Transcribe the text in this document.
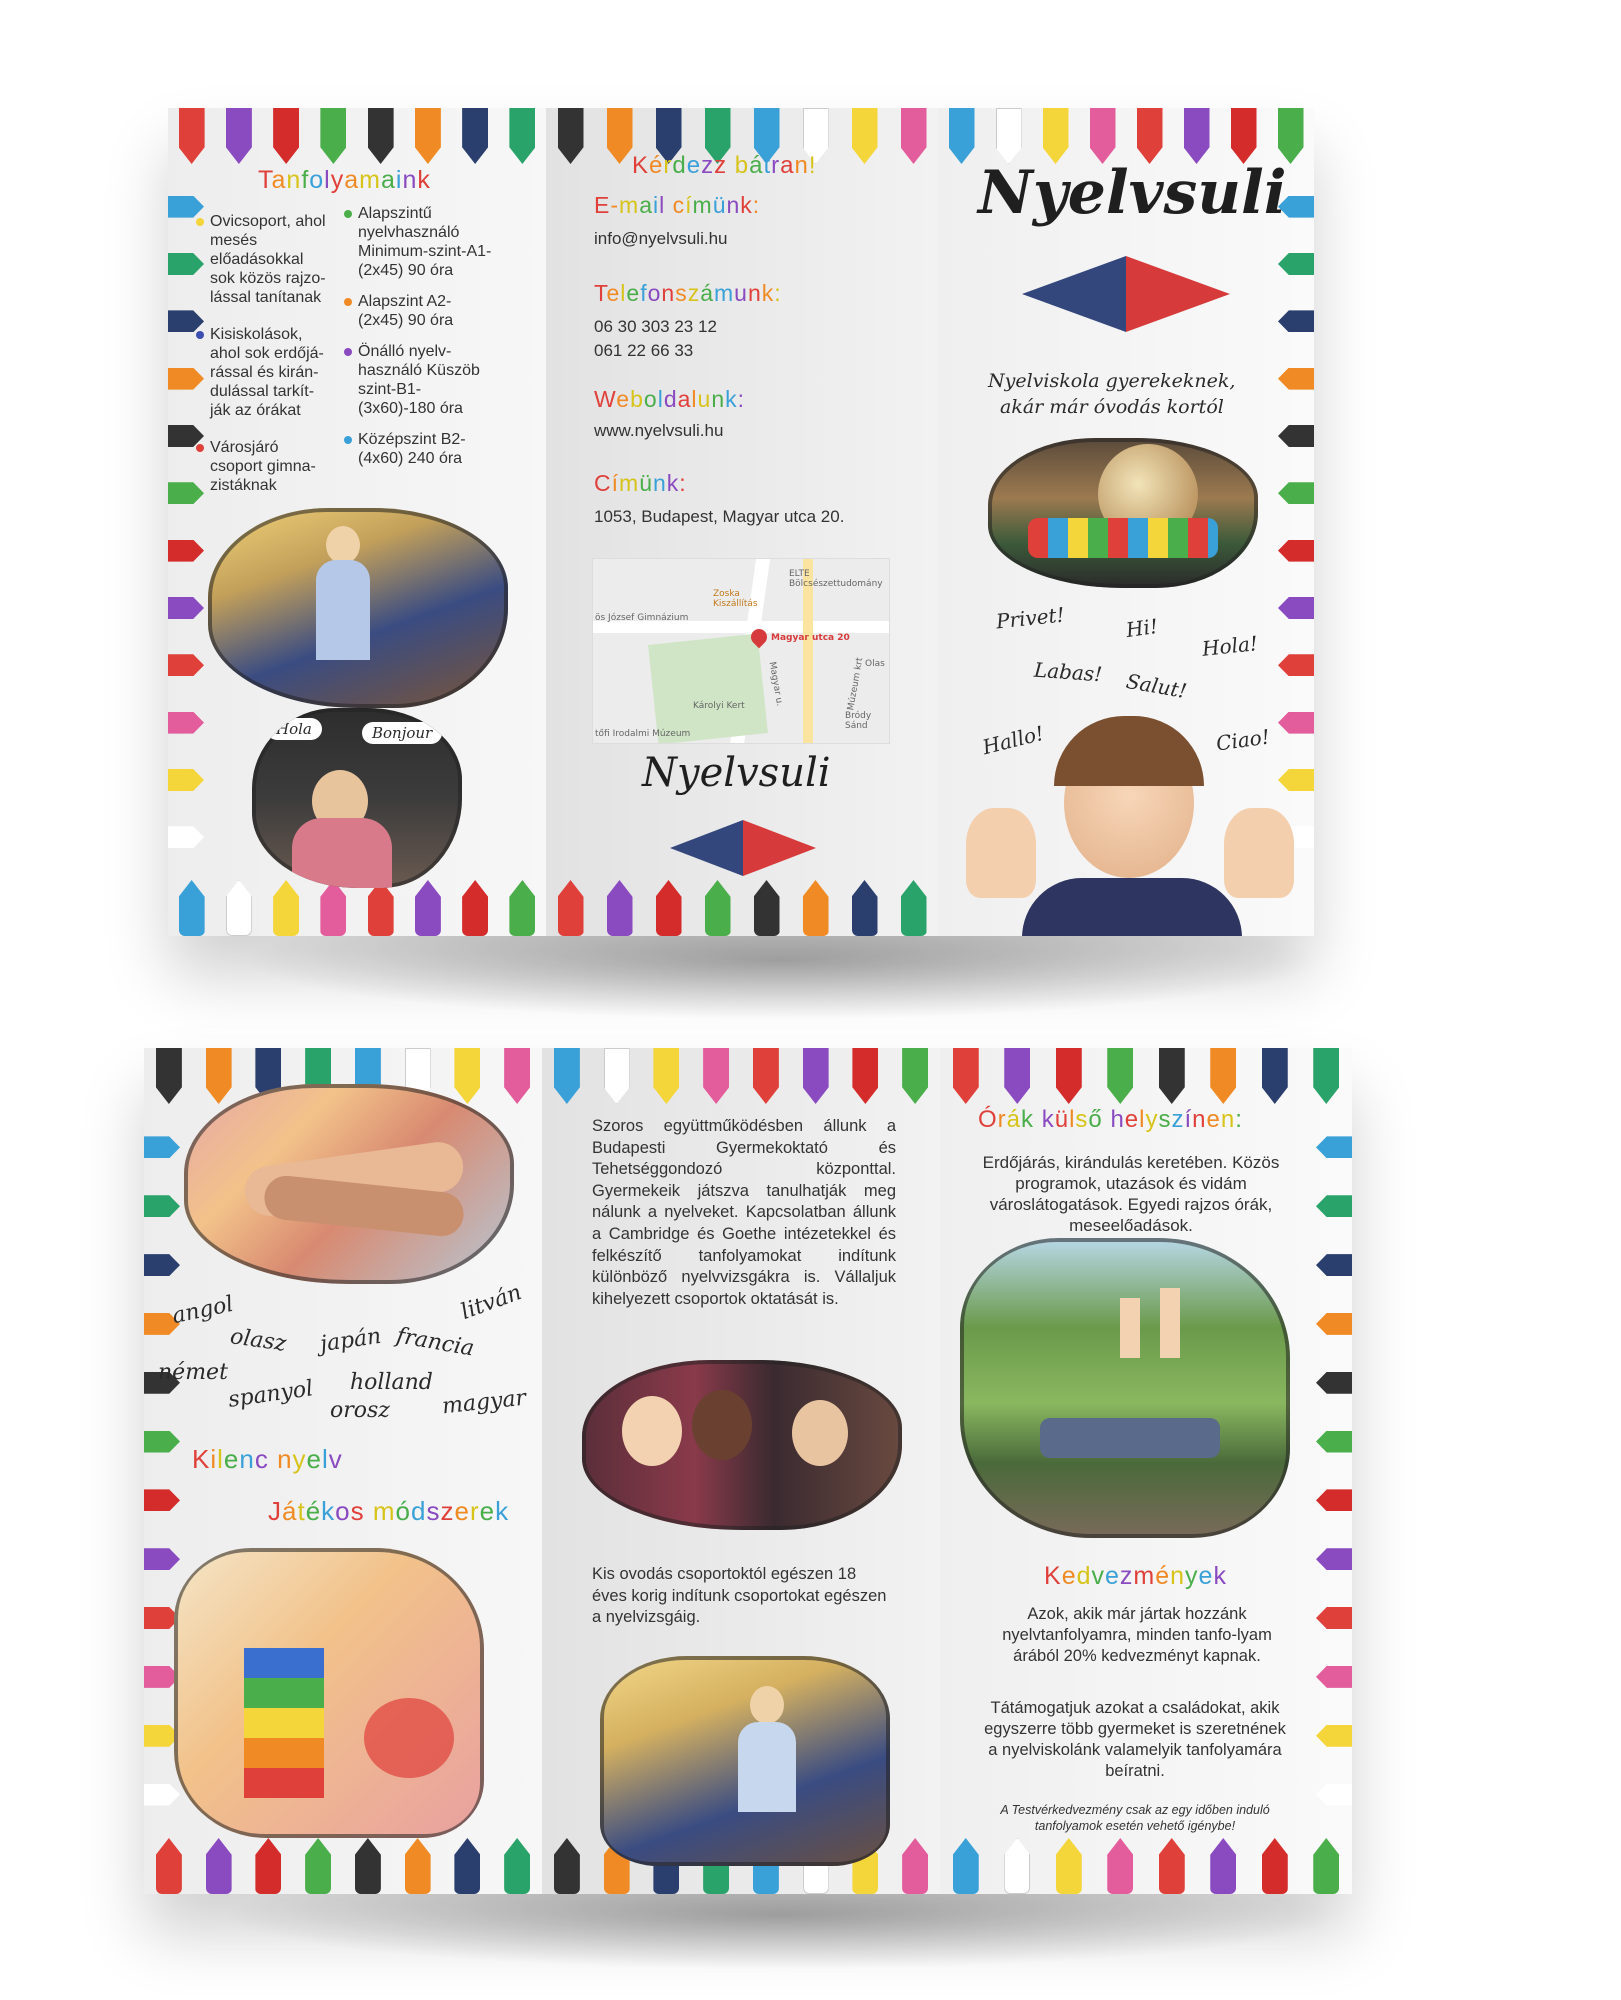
Tanfolyamaink
Ovicsoport, ahol mesés előadásokkal sok közös rajzo-lással tanítanak
Kisiskolások, ahol sok erdőjá-rással és kirán-dulással tarkít-ják az órákat
Városjáró csoport gimna-zistáknak
Alapszintű nyelvhasználó Minimum-szint-A1-(2x45) 90 óra
Alapszint A2-(2x45) 90 óra
Önálló nyelv-használó Küszöb szint-B1-(3x60)-180 óra
Középszint B2-(4x60) 240 óra
Hola	Bonjour
Kérdezz bátran!
E-mail címünk:
info@nyelvsuli.hu
Telefonszámunk:
06 30 303 23 12
061 22 66 33
Weboldalunk:
www.nyelvsuli.hu
Címünk:
1053, Budapest, Magyar utca 20.
ELTE Bölcsészettudomány
Zoska Kiszállítás
ös József Gimnázium
Múzeum krt Olas
Károlyi Kert
Bródy Sánd
tőfi Irodalmi Múzeum
Magyar u.
Magyar utca 20
Nyelvsuli
Nyelvsuli
Nyelviskola gyerekeknek,
akár már óvodás kortól
Privet!	Hi!
Hola!
Labas! Salut!
Hallo!	Ciao!
angol	litván
olasz japán francia
német
spanyol holland
magyar
orosz
Kilenc nyelv
Játékos módszerek
Szoros együttműködésben állunk a Budapesti Gyermekoktató és Tehetséggondozó központtal. Gyermekeik játszva tanulhatják meg nálunk a nyelveket. Kapcsolatban állunk a Cambridge és Goethe intézetekkel és felkészítő tanfolyamokat indítunk különböző nyelvvizsgákra is. Vállaljuk kihelyezett csoportok oktatását is.
Kis ovodás csoportoktól egészen 18 éves korig indítunk csoportokat egészen a nyelvizsgáig.
Órák külső helyszínen:
Erdőjárás, kirándulás keretében. Közös programok, utazások és vidám városlátogatások. Egyedi rajzos órák, meseelőadások.
Kedvezmények
Azok, akik már jártak hozzánk nyelvtanfolyamra, minden tanfo-lyam árából 20% kedvezményt kapnak.
Tátámogatjuk azokat a családokat, akik egyszerre több gyermeket is szeretnének a nyelviskolánk valamelyik tanfolyamára beíratni.
A Testvérkedvezmény csak az egy időben induló tanfolyamok esetén vehető igénybe!
